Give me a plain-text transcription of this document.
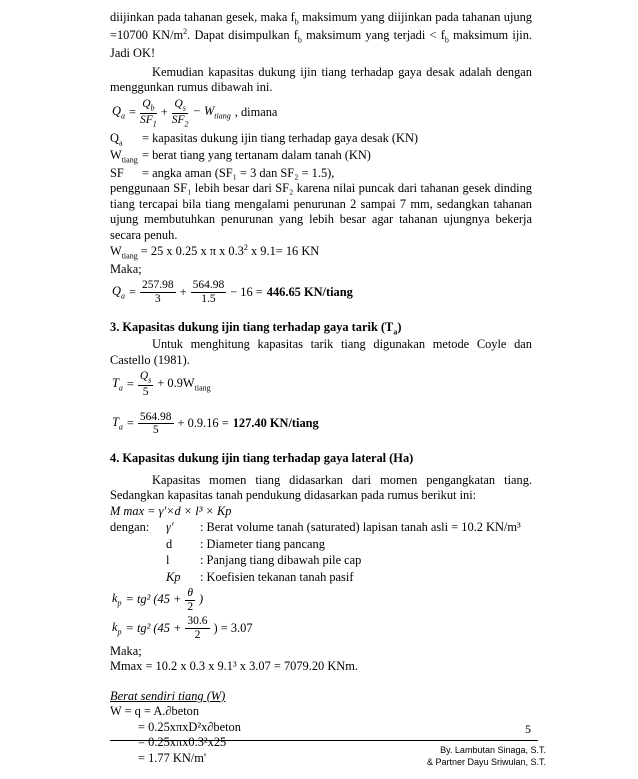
diijinkan pada tahanan gesek, maka $f_b$ maksimum yang diijinkan pada tahanan ujung =10700 $KN/m^2$. Dapat disimpulkan $f_b$ maksimum yang terjadi < $f_b$ maksimum ijin. Jadi OK!

Kemudian kapasitas dukung ijin tiang terhadap gaya desak adalah dengan menggunkan rumus dibawah ini.

$Q_a = \frac{Q_b}{SF_1} + \frac{Q_s}{SF_2} - W_{tiang}$ , dimana
$Q_a$	= kapasitas dukung ijin tiang terhadap gaya desak (KN)
$W_{tiang}$ = berat tiang yang tertanam dalam tanah (KN)
SF	= angka aman (SF₁ = 3 dan SF₂ = 1.5),

penggunaan SF₁ lebih besar dari SF₂ karena nilai puncak dari tahanan gesek dinding tiang tercapai bila tiang mengalami penurunan 2 sampai 7 mm, sedangkan tahanan ujung membutuhkan penurunan yang lebih besar agar tahanan ujungnya bekerja secara penuh.

$W_{tiang} = 25$ x 0.25 x π x $0.3^2$ x 9.1= 16 KN

Maka;

$Q_a = \frac{257.98}{3} + \frac{564.98}{1.5} - 16 = 446.65$ KN/tiang

3. Kapasitas dukung ijin tiang terhadap gaya tarik $(T_a)$

Untuk menghitung kapasitas tarik tiang digunakan metode Coyle dan Castello (1981).

$T_a = \frac{Q_s}{5} + 0.9W_{tiang}$
$T_a = \frac{564.98}{5} + 0.9.16 = 127.40$ KN/tiang

4. Kapasitas dukung ijin tiang terhadap gaya lateral (Ha)

Kapasitas momen tiang didasarkan dari momen pengangkatan tiang. Sedangkan kapasitas tanah pendukung didasarkan pada rumus berikut ini:

M max = γ'×d × l³ × Kp

dengan:	γ'	: Berat volume tanah (saturated) lapisan tanah asli = 10.2 KN/m³
d	: Diameter tiang pancang
l	: Panjang tiang dibawah pile cap
Kp	: Koefisien tekanan tanah pasif
$k_p = tg^2$ ($45 + \frac{\theta}{2}$ )
$k_p = tg^2$ ($45 + \frac{30.6}{2}$ ) = 3.07

Maka;

Mmax = 10.2 x 0.3 x 9.1³ x 3.07 = 7079.20 KNm.

Berat sendiri tiang (W)

W = q = A.∂beton

= 0.25xπxD²x∂beton

= 0.25xπx0.3²x25

= 1.77 KN/m'

5
By. Lambutan Sinaga, S.T.
& Partner Dayu Sriwulan, S.T.
